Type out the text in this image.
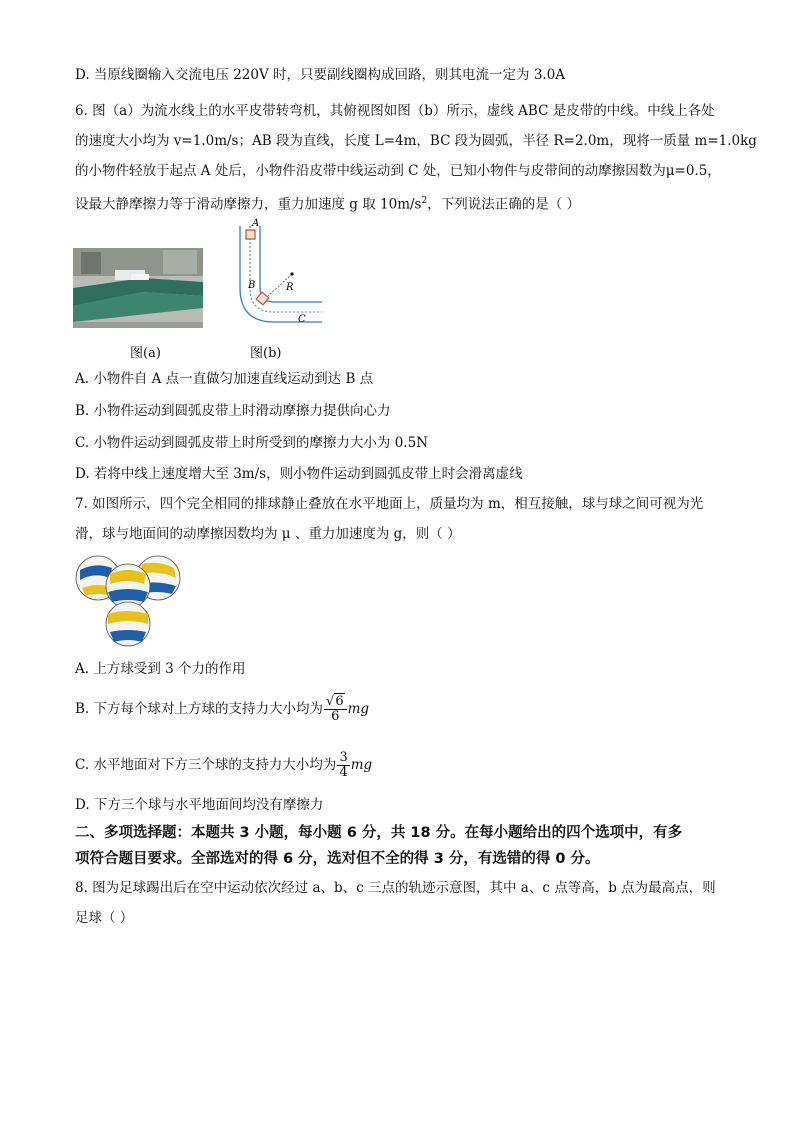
D. 当原线圈输入交流电压 220V 时，只要副线圈构成回路，则其电流一定为 3.0A
6. 图（a）为流水线上的水平皮带转弯机，其俯视图如图（b）所示，虚线 ABC 是皮带的中线。中线上各处
的速度大小均为 v=1.0m/s；AB 段为直线，长度 L=4m，BC 段为圆弧，半径 R=2.0m，现将一质量 m=1.0kg
的小物件轻放于起点 A 处后，小物件沿皮带中线运动到 C 处，已知小物件与皮带间的动摩擦因数为μ=0.5，
设最大静摩擦力等于滑动摩擦力，重力加速度 g 取 $10m/s^2$，下列说法正确的是（ ）
图(a)
A
B	R
C
图(b)
A. 小物件自 A 点一直做匀加速直线运动到达 B 点
B. 小物件运动到圆弧皮带上时滑动摩擦力提供向心力
C. 小物件运动到圆弧皮带上时所受到的摩擦力大小为 0.5N
D. 若将中线上速度增大至 3m/s，则小物件运动到圆弧皮带上时会滑离虚线
7. 如图所示，四个完全相同的排球静止叠放在水平地面上，质量均为 m，相互接触，球与球之间可视为光
滑，球与地面间的动摩擦因数均为 μ 、重力加速度为 g，则（ ）
A. 上方球受到 3 个力的作用
B. 下方每个球对上方球的支持力大小均为 $\frac{√6}{6}$ mg
C. 水平地面对下方三个球的支持力大小均为 $\frac{3}{4}$ mg
D. 下方三个球与水平地面间均没有摩擦力
二、多项选择题：本题共 3 小题，每小题 6 分，共 18 分。在每小题给出的四个选项中，有多
项符合题目要求。全部选对的得 6 分，选对但不全的得 3 分，有选错的得 0 分。
8. 图为足球踢出后在空中运动依次经过 a、b、c 三点的轨迹示意图，其中 a、c 点等高，b 点为最高点，则
足球（ ）
